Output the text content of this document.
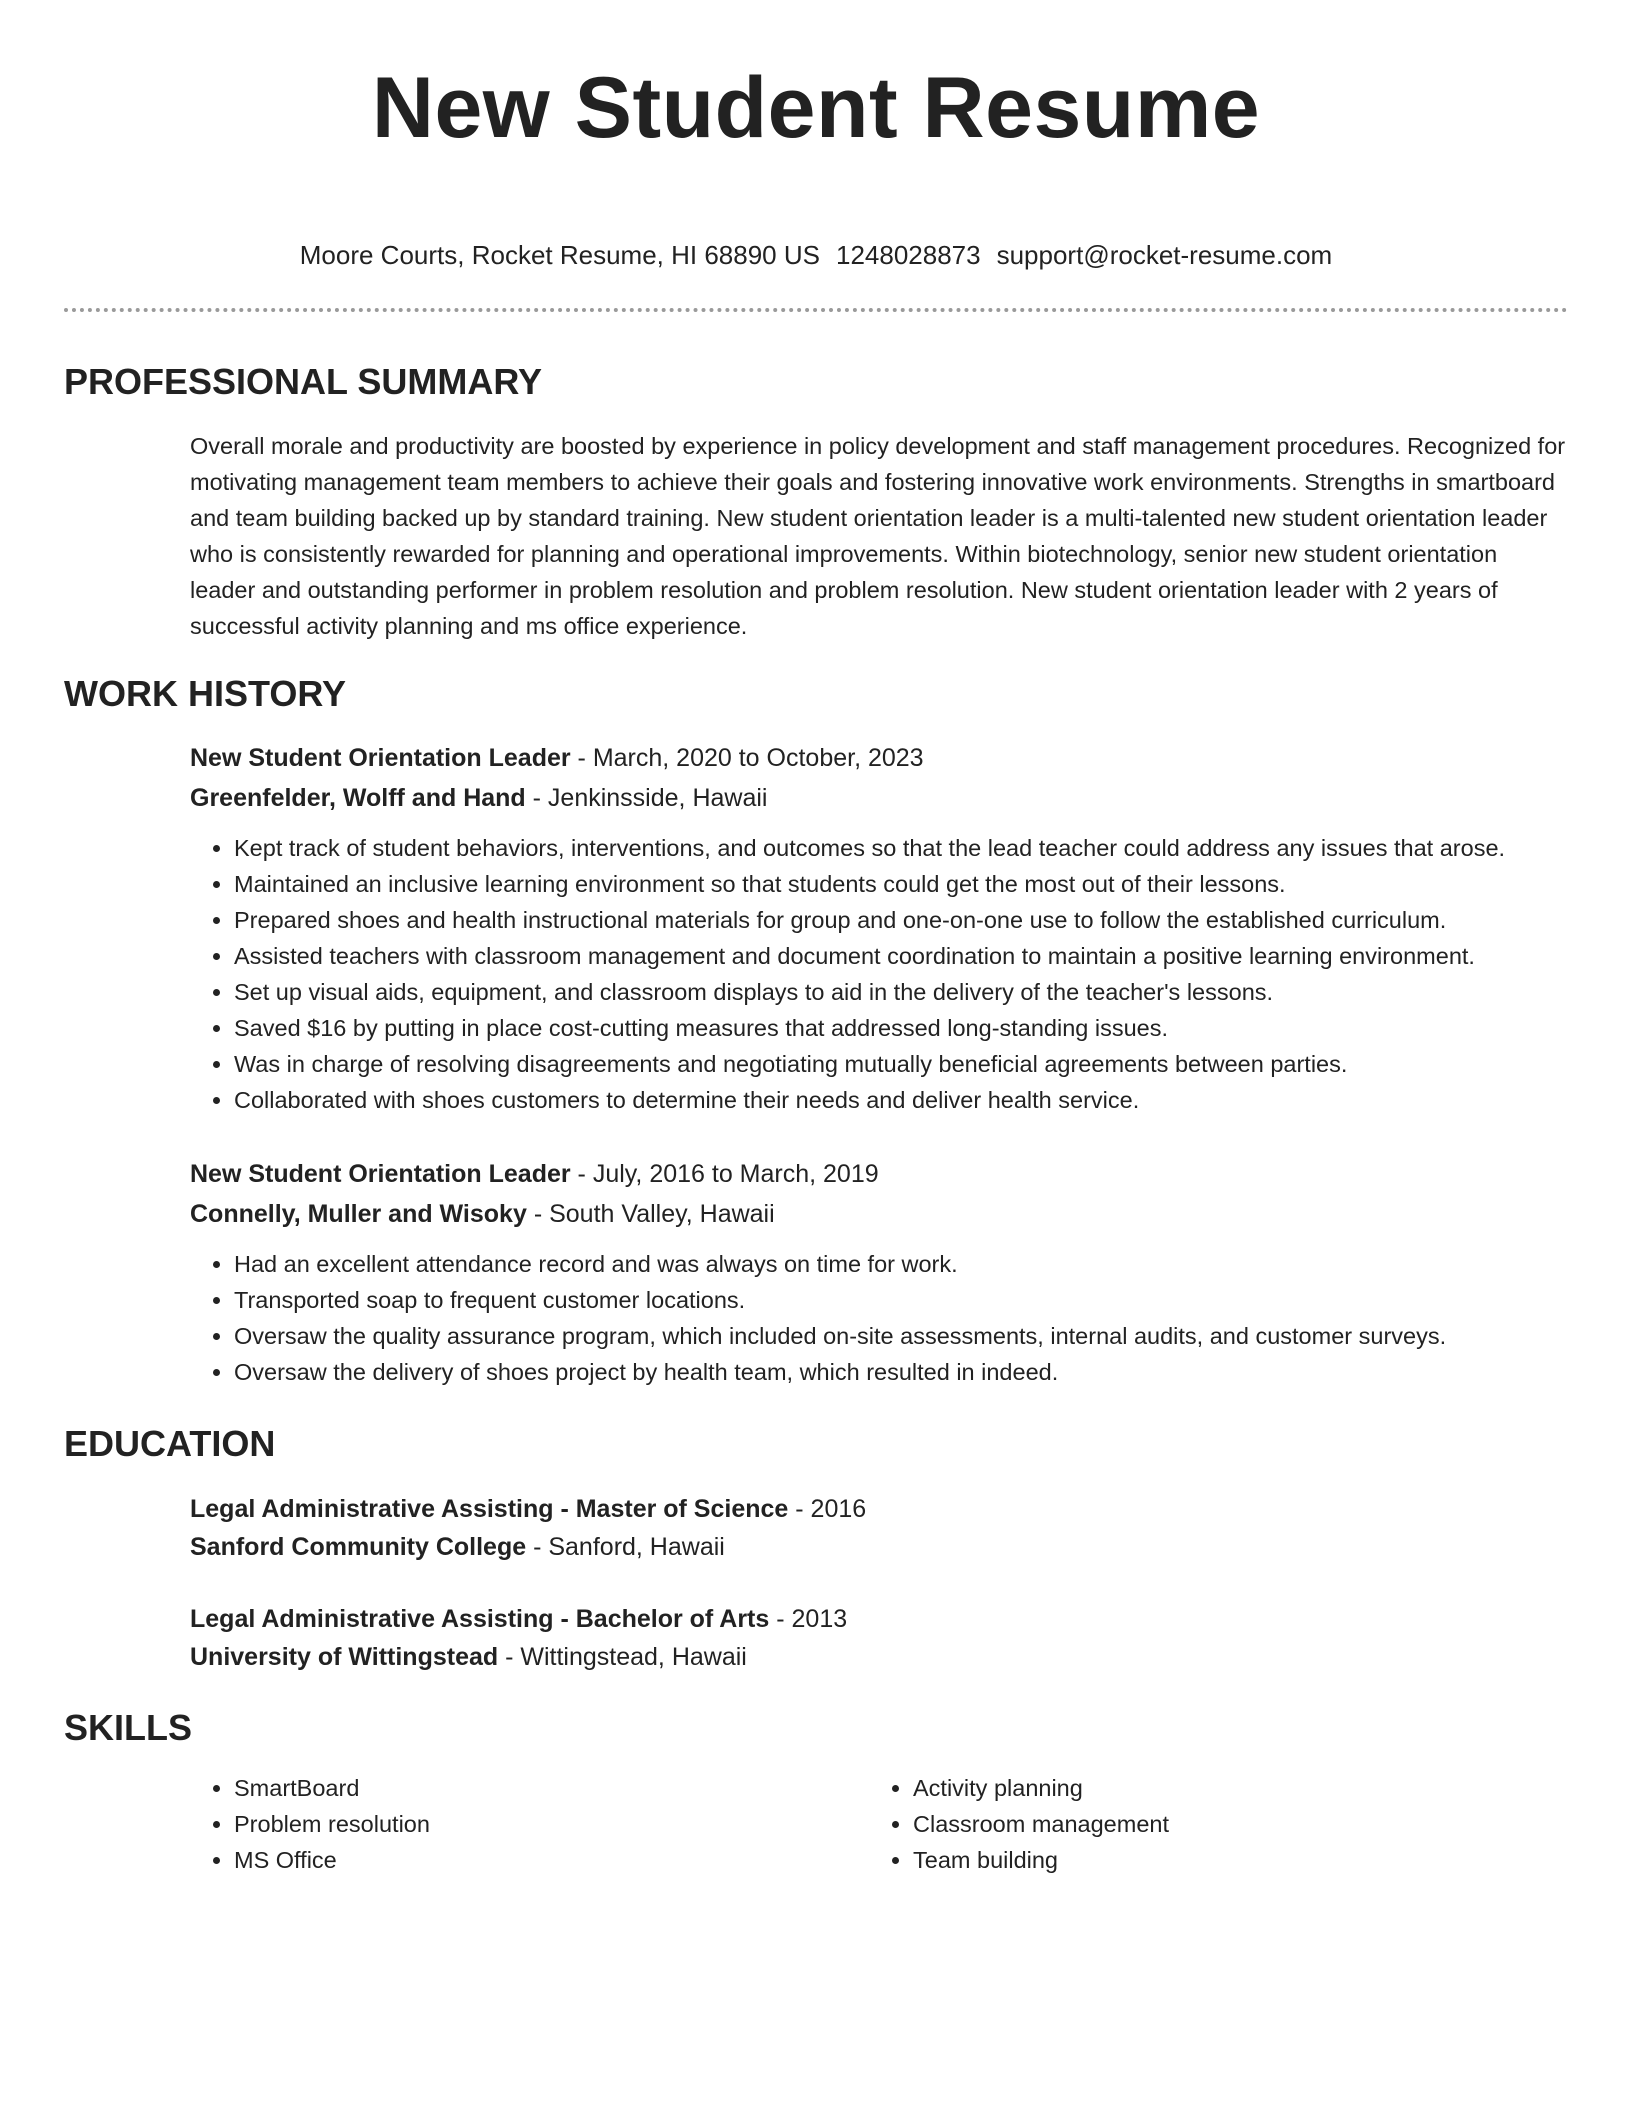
New Student Resume
Moore Courts, Rocket Resume, HI 68890 US 1248028873 support@rocket-resume.com
PROFESSIONAL SUMMARY
Overall morale and productivity are boosted by experience in policy development and staff management procedures. Recognized for motivating management team members to achieve their goals and fostering innovative work environments. Strengths in smartboard and team building backed up by standard training. New student orientation leader is a multi-talented new student orientation leader who is consistently rewarded for planning and operational improvements. Within biotechnology, senior new student orientation leader and outstanding performer in problem resolution and problem resolution. New student orientation leader with 2 years of successful activity planning and ms office experience.
WORK HISTORY
New Student Orientation Leader - March, 2020 to October, 2023
Greenfelder, Wolff and Hand - Jenkinsside, Hawaii
• Kept track of student behaviors, interventions, and outcomes so that the lead teacher could address any issues that arose.
• Maintained an inclusive learning environment so that students could get the most out of their lessons.
• Prepared shoes and health instructional materials for group and one-on-one use to follow the established curriculum.
• Assisted teachers with classroom management and document coordination to maintain a positive learning environment.
• Set up visual aids, equipment, and classroom displays to aid in the delivery of the teacher's lessons.
• Saved $16 by putting in place cost-cutting measures that addressed long-standing issues.
• Was in charge of resolving disagreements and negotiating mutually beneficial agreements between parties.
• Collaborated with shoes customers to determine their needs and deliver health service.
New Student Orientation Leader - July, 2016 to March, 2019
Connelly, Muller and Wisoky - South Valley, Hawaii
• Had an excellent attendance record and was always on time for work.
• Transported soap to frequent customer locations.
• Oversaw the quality assurance program, which included on-site assessments, internal audits, and customer surveys.
• Oversaw the delivery of shoes project by health team, which resulted in indeed.
EDUCATION
Legal Administrative Assisting - Master of Science - 2016
Sanford Community College - Sanford, Hawaii
Legal Administrative Assisting - Bachelor of Arts - 2013
University of Wittingstead - Wittingstead, Hawaii
SKILLS
• SmartBoard
• Problem resolution
• MS Office
• Activity planning
• Classroom management
• Team building
